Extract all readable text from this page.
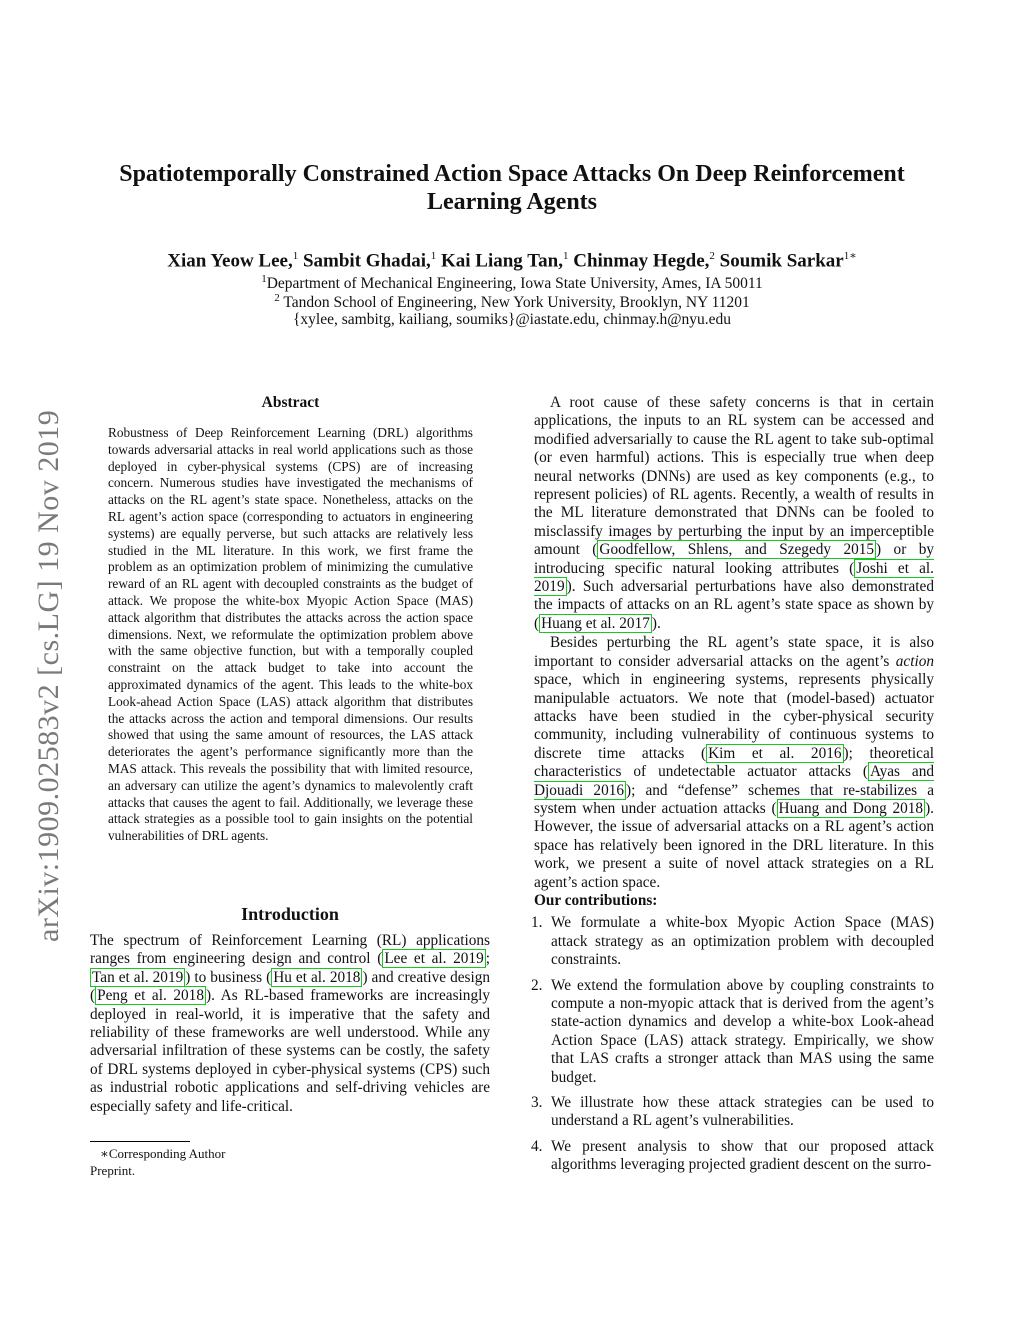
arXiv:1909.02583v2 [cs.LG] 19 Nov 2019
Spatiotemporally Constrained Action Space Attacks On Deep Reinforcement Learning Agents
Xian Yeow Lee,$^1$ Sambit Ghadai,$^1$ Kai Liang Tan,$^1$ Chinmay Hegde,$^2$ Soumik Sarkar$^{1∗}$
$^1$Department of Mechanical Engineering, Iowa State University, Ames, IA 50011
$^2$ Tandon School of Engineering, New York University, Brooklyn, NY 11201
{xylee, sambitg, kailiang, soumiks}@iastate.edu, chinmay.h@nyu.edu
Abstract
Robustness of Deep Reinforcement Learning (DRL) algorithms towards adversarial attacks in real world applications such as those deployed in cyber-physical systems (CPS) are of increasing concern. Numerous studies have investigated the mechanisms of attacks on the RL agent’s state space. Nonetheless, attacks on the RL agent’s action space (corresponding to actuators in engineering systems) are equally perverse, but such attacks are relatively less studied in the ML literature. In this work, we first frame the problem as an optimization problem of minimizing the cumulative reward of an RL agent with decoupled constraints as the budget of attack. We propose the white-box Myopic Action Space (MAS) attack algorithm that distributes the attacks across the action space dimensions. Next, we reformulate the optimization problem above with the same objective function, but with a temporally coupled constraint on the attack budget to take into account the approximated dynamics of the agent. This leads to the white-box Look-ahead Action Space (LAS) attack algorithm that distributes the attacks across the action and temporal dimensions. Our results showed that using the same amount of resources, the LAS attack deteriorates the agent’s performance significantly more than the MAS attack. This reveals the possibility that with limited resource, an adversary can utilize the agent’s dynamics to malevolently craft attacks that causes the agent to fail. Additionally, we leverage these attack strategies as a possible tool to gain insights on the potential vulnerabilities of DRL agents.
Introduction
The spectrum of Reinforcement Learning (RL) applications ranges from engineering design and control ( Lee et al. 2019 ; Tan et al. 2019 ) to business ( Hu et al. 2018 ) and creative design ( Peng et al. 2018 ). As RL-based frameworks are increasingly deployed in real-world, it is imperative that the safety and reliability of these frameworks are well understood. While any adversarial infiltration of these systems can be costly, the safety of DRL systems deployed in cyber-physical systems (CPS) such as industrial robotic applications and self-driving vehicles are especially safety and life-critical.
∗Corresponding Author
Preprint.

A root cause of these safety concerns is that in certain applications, the inputs to an RL system can be accessed and modified adversarially to cause the RL agent to take sub-optimal (or even harmful) actions. This is especially true when deep neural networks (DNNs) are used as key components (e.g., to represent policies) of RL agents. Recently, a wealth of results in the ML literature demonstrated that DNNs can be fooled to misclassify images by perturbing the input by an imperceptible amount ( Goodfellow, Shlens, and Szegedy 2015 ) or by introducing specific natural looking attributes ( Joshi et al. 2019 ). Such adversarial perturbations have also demonstrated the impacts of attacks on an RL agent’s state space as shown by ( Huang et al. 2017 ).

Besides perturbing the RL agent’s state space, it is also important to consider adversarial attacks on the agent’s action space, which in engineering systems, represents physically manipulable actuators. We note that (model-based) actuator attacks have been studied in the cyber-physical security community, including vulnerability of continuous systems to discrete time attacks ( Kim et al. 2016 ); theoretical characteristics of undetectable actuator attacks ( Ayas and Djouadi 2016 ); and “defense” schemes that re-stabilizes a system when under actuation attacks ( Huang and Dong 2018 ). However, the issue of adversarial attacks on a RL agent’s action space has relatively been ignored in the DRL literature. In this work, we present a suite of novel attack strategies on a RL agent’s action space.

Our contributions:
1. We formulate a white-box Myopic Action Space (MAS) attack strategy as an optimization problem with decoupled constraints.
2. We extend the formulation above by coupling constraints to compute a non-myopic attack that is derived from the agent’s state-action dynamics and develop a white-box Look-ahead Action Space (LAS) attack strategy. Empirically, we show that LAS crafts a stronger attack than MAS using the same budget.
3. We illustrate how these attack strategies can be used to understand a RL agent’s vulnerabilities.
4. We present analysis to show that our proposed attack algorithms leveraging projected gradient descent on the surro-
